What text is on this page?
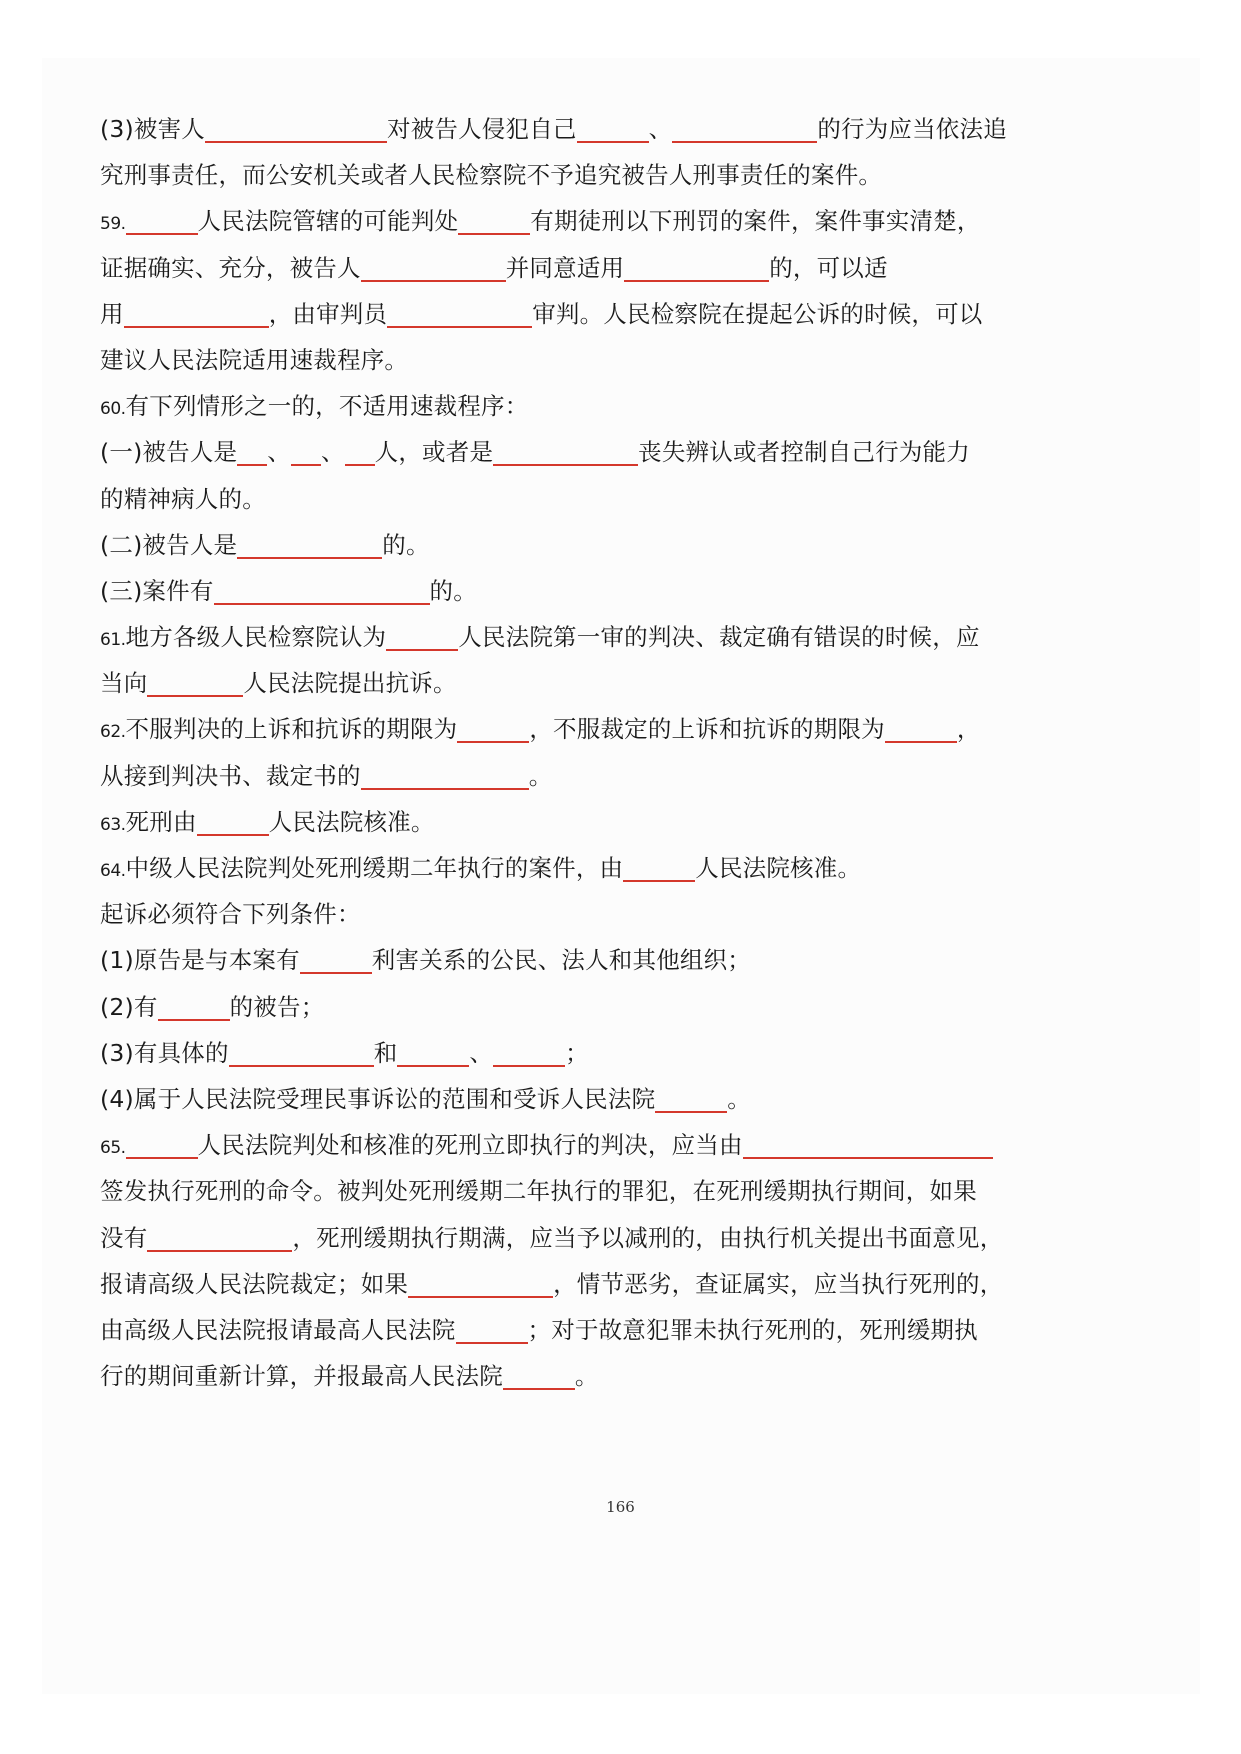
(3)被害人	对被告人侵犯自己	、	的行为应当依法追
究刑事责任，而公安机关或者人民检察院不予追究被告人刑事责任的案件。
59.	人民法院管辖的可能判处	有期徒刑以下刑罚的案件，案件事实清楚，
证据确实、充分，被告人	并同意适用	的，可以适
用	，由审判员	审判。人民检察院在提起公诉的时候，可以
建议人民法院适用速裁程序。
60.有下列情形之一的，不适用速裁程序：
(一)被告人是 、 、 人，或者是	丧失辨认或者控制自己行为能力
的精神病人的。
(二)被告人是	的。
(三)案件有	的。
61.地方各级人民检察院认为	人民法院第一审的判决、裁定确有错误的时候，应
当向	人民法院提出抗诉。
62.不服判决的上诉和抗诉的期限为	，不服裁定的上诉和抗诉的期限为	，
从接到判决书、裁定书的	。
63.死刑由	人民法院核准。
64.中级人民法院判处死刑缓期二年执行的案件，由	人民法院核准。
起诉必须符合下列条件：
(1)原告是与本案有	利害关系的公民、法人和其他组织；
(2)有	的被告；
(3)有具体的	和	、	；
(4)属于人民法院受理民事诉讼的范围和受诉人民法院	。
65.	人民法院判处和核准的死刑立即执行的判决，应当由
签发执行死刑的命令。被判处死刑缓期二年执行的罪犯，在死刑缓期执行期间，如果
没有	，死刑缓期执行期满，应当予以减刑的，由执行机关提出书面意见，
报请高级人民法院裁定；如果	，情节恶劣，查证属实，应当执行死刑的，
由高级人民法院报请最高人民法院	；对于故意犯罪未执行死刑的，死刑缓期执
行的期间重新计算，并报最高人民法院	。
166
